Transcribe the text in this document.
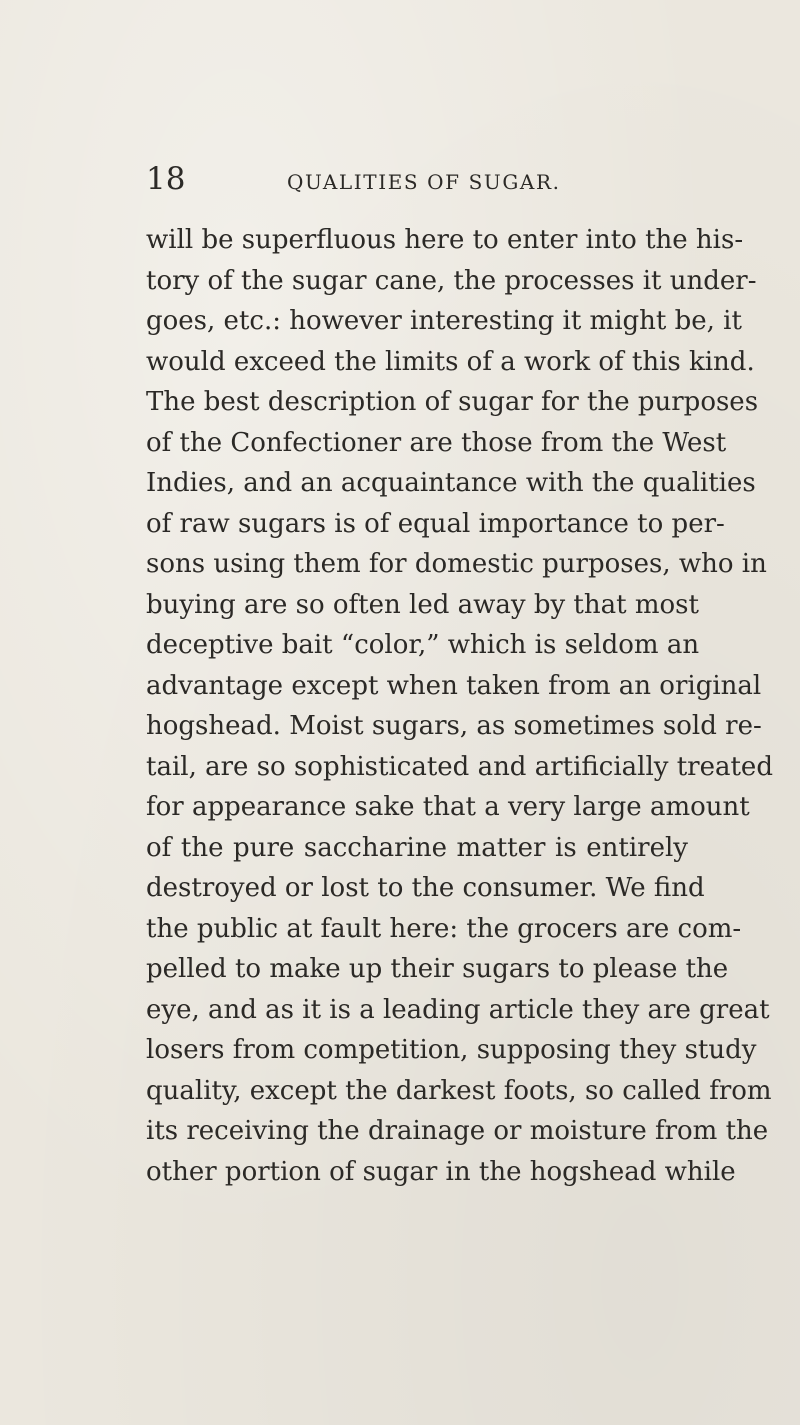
18	QUALITIES OF SUGAR.
will be superfluous here to enter into the his-
tory of the sugar cane, the processes it under-
goes, etc.: however interesting it might be, it
would exceed the limits of a work of this kind.
The best description of sugar for the purposes
of the Confectioner are those from the West
Indies, and an acquaintance with the qualities
of raw sugars is of equal importance to per-
sons using them for domestic purposes, who in
buying are so often led away by that most
deceptive bait “color,” which is seldom an
advantage except when taken from an original
hogshead. Moist sugars, as sometimes sold re-
tail, are so sophisticated and artificially treated
for appearance sake that a very large amount
of the pure saccharine matter is entirely
destroyed or lost to the consumer. We find
the public at fault here: the grocers are com-
pelled to make up their sugars to please the
eye, and as it is a leading article they are great
losers from competition, supposing they study
quality, except the darkest foots, so called from
its receiving the drainage or moisture from the
other portion of sugar in the hogshead while
